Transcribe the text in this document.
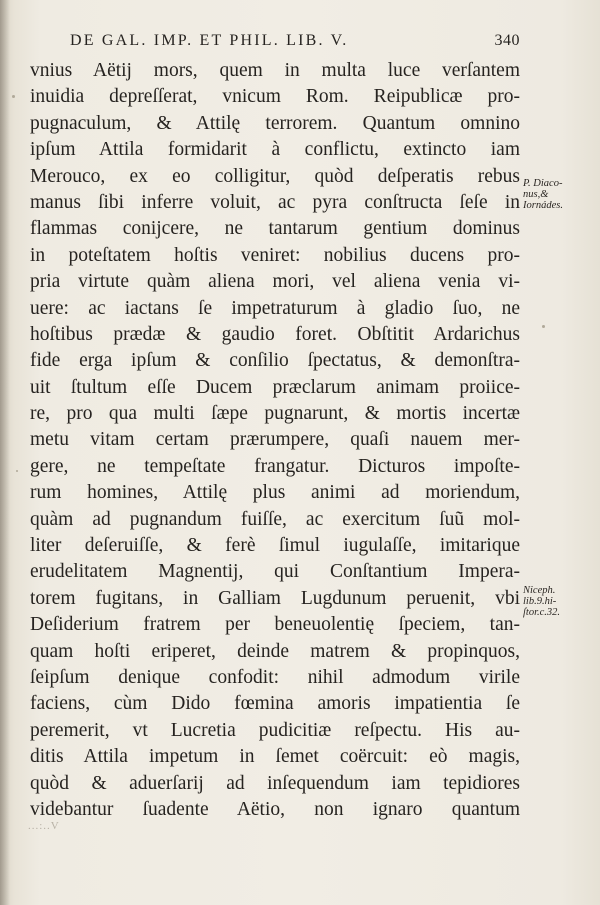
DE GAL. IMP. ET PHIL. LIB. V.	340
vnius Aëtij mors, quem in multa luce verſantem
inuidia depreſſerat, vnicum Rom. Reipublicæ pro-
pugnaculum, & Attilę terrorem. Quantum omnino
ipſum Attila formidarit à conflictu, extincto iam
Merouco, ex eo colligitur, quòd deſperatis rebus
manus ſibi inferre voluit, ac pyra conſtructa ſeſe in
flammas conijcere, ne tantarum gentium dominus
in poteſtatem hoſtis veniret: nobilius ducens pro-
pria virtute quàm aliena mori, vel aliena venia vi-
uere: ac iactans ſe impetraturum à gladio ſuo, ne
hoſtibus prædæ & gaudio foret. Obſtitit Ardarichus
fide erga ipſum & conſilio ſpectatus, & demonſtra-
uit ſtultum eſſe Ducem præclarum animam proiice-
re, pro qua multi ſæpe pugnarunt, & mortis incertæ
metu vitam certam prærumpere, quaſi nauem mer-
gere, ne tempeſtate frangatur. Dicturos impoſte-
rum homines, Attilę plus animi ad moriendum,
quàm ad pugnandum fuiſſe, ac exercitum ſuũ mol-
liter deſeruiſſe, & ferè ſimul iugulaſſe, imitarique
erudelitatem Magnentij, qui Conſtantium Impera-
torem fugitans, in Galliam Lugdunum peruenit, vbi
Deſiderium fratrem per beneuolentię ſpeciem, tan-
quam hoſti eriperet, deinde matrem & propinquos,
ſeipſum denique confodit: nihil admodum virile
faciens, cùm Dido fœmina amoris impatientia ſe
peremerit, vt Lucretia pudicitiæ reſpectu. His au-
ditis Attila impetum in ſemet coërcuit: eò magis,
quòd & aduerſarij ad inſequendum iam tepidiores
videbantur ſuadente Aëtio, non ignaro quantum
P. Diaco-
nus,&
Iornádes.
Niceph.
lib.9.hi-
ſtor.c.32.
...:..V
